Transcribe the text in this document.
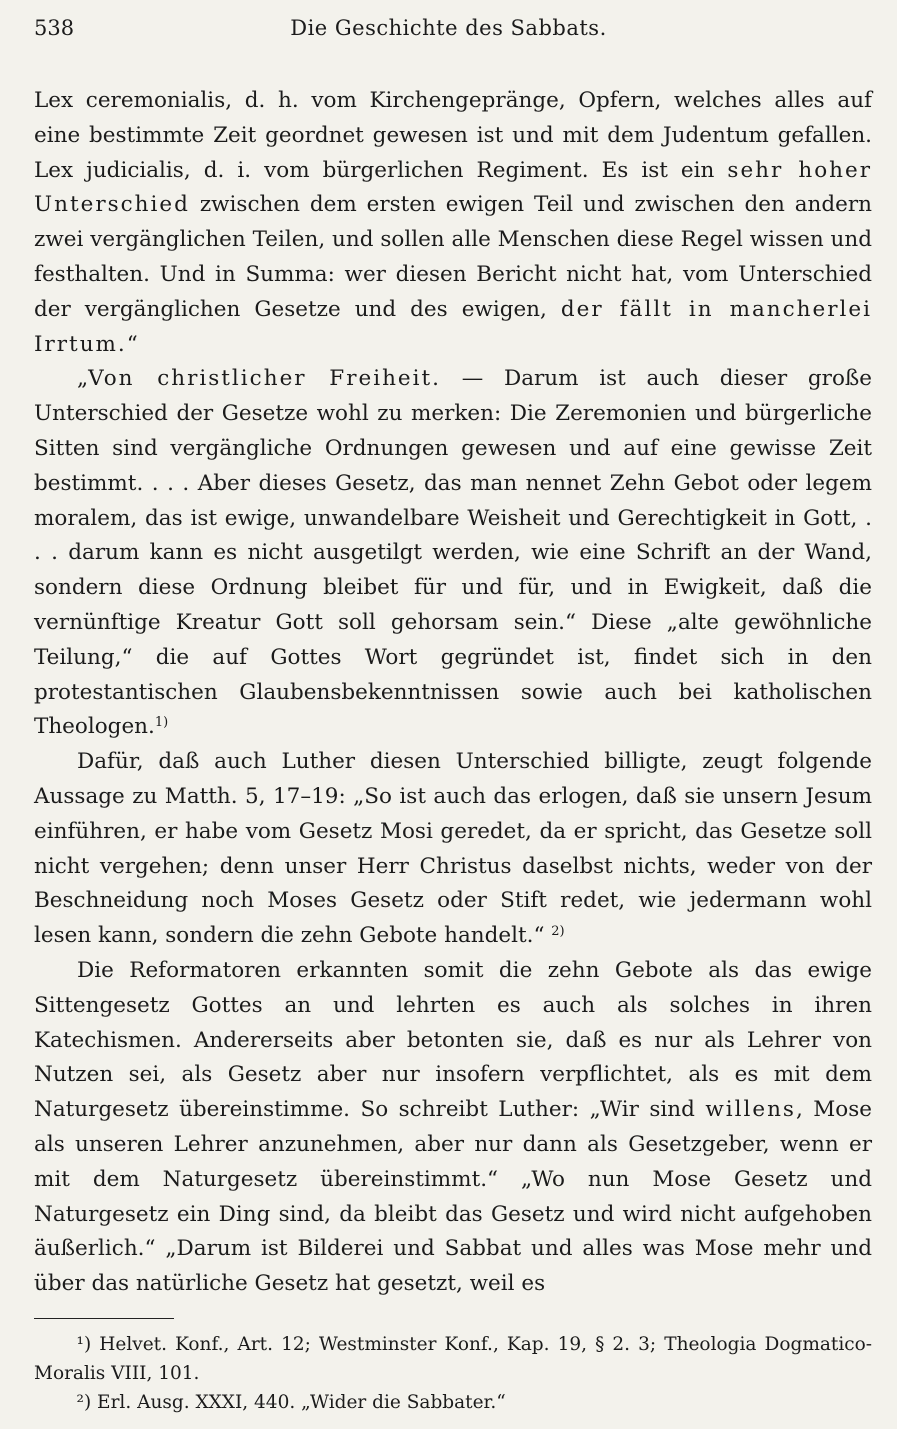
538	Die Geschichte des Sabbats.

Lex ceremonialis, d. h. vom Kirchengepränge, Opfern, welches alles auf eine bestimmte Zeit geordnet gewesen ist und mit dem Judentum gefallen. Lex judicialis, d. i. vom bürgerlichen Regiment. Es ist ein sehr hoher Unterschied zwischen dem ersten ewigen Teil und zwischen den andern zwei vergänglichen Teilen, und sollen alle Menschen diese Regel wissen und festhalten. Und in Summa: wer diesen Bericht nicht hat, vom Unterschied der vergänglichen Gesetze und des ewigen, der fällt in mancherlei Irrtum.“

„Von christlicher Freiheit. — Darum ist auch dieser große Unterschied der Gesetze wohl zu merken: Die Zeremonien und bürgerliche Sitten sind vergängliche Ordnungen gewesen und auf eine gewisse Zeit bestimmt. . . . Aber dieses Gesetz, das man nennet Zehn Gebot oder legem moralem, das ist ewige, unwandelbare Weisheit und Gerechtigkeit in Gott, . . . darum kann es nicht ausgetilgt werden, wie eine Schrift an der Wand, sondern diese Ordnung bleibet für und für, und in Ewigkeit, daß die vernünftige Kreatur Gott soll gehorsam sein.“ Diese „alte gewöhnliche Teilung,“ die auf Gottes Wort gegründet ist, findet sich in den protestantischen Glaubensbekenntnissen sowie auch bei katholischen Theologen.$^{1)}$

Dafür, daß auch Luther diesen Unterschied billigte, zeugt folgende Aussage zu Matth. 5, 17–19: „So ist auch das erlogen, daß sie unsern Jesum einführen, er habe vom Gesetz Mosi geredet, da er spricht, das Gesetze soll nicht vergehen; denn unser Herr Christus daselbst nichts, weder von der Beschneidung noch Moses Gesetz oder Stift redet, wie jedermann wohl lesen kann, sondern die zehn Gebote handelt.“ $^{2)}$

Die Reformatoren erkannten somit die zehn Gebote als das ewige Sittengesetz Gottes an und lehrten es auch als solches in ihren Katechismen. Andererseits aber betonten sie, daß es nur als Lehrer von Nutzen sei, als Gesetz aber nur insofern verpflichtet, als es mit dem Naturgesetz übereinstimme. So schreibt Luther: „Wir sind willens, Mose als unseren Lehrer anzunehmen, aber nur dann als Gesetzgeber, wenn er mit dem Naturgesetz übereinstimmt.“ „Wo nun Mose Gesetz und Naturgesetz ein Ding sind, da bleibt das Gesetz und wird nicht aufgehoben äußerlich.“ „Darum ist Bilderei und Sabbat und alles was Mose mehr und über das natürliche Gesetz hat gesetzt, weil es

¹) Helvet. Konf., Art. 12; Westminster Konf., Kap. 19, § 2. 3; Theologia Dogmatico-Moralis VIII, 101.

²) Erl. Ausg. XXXI, 440. „Wider die Sabbater.“
